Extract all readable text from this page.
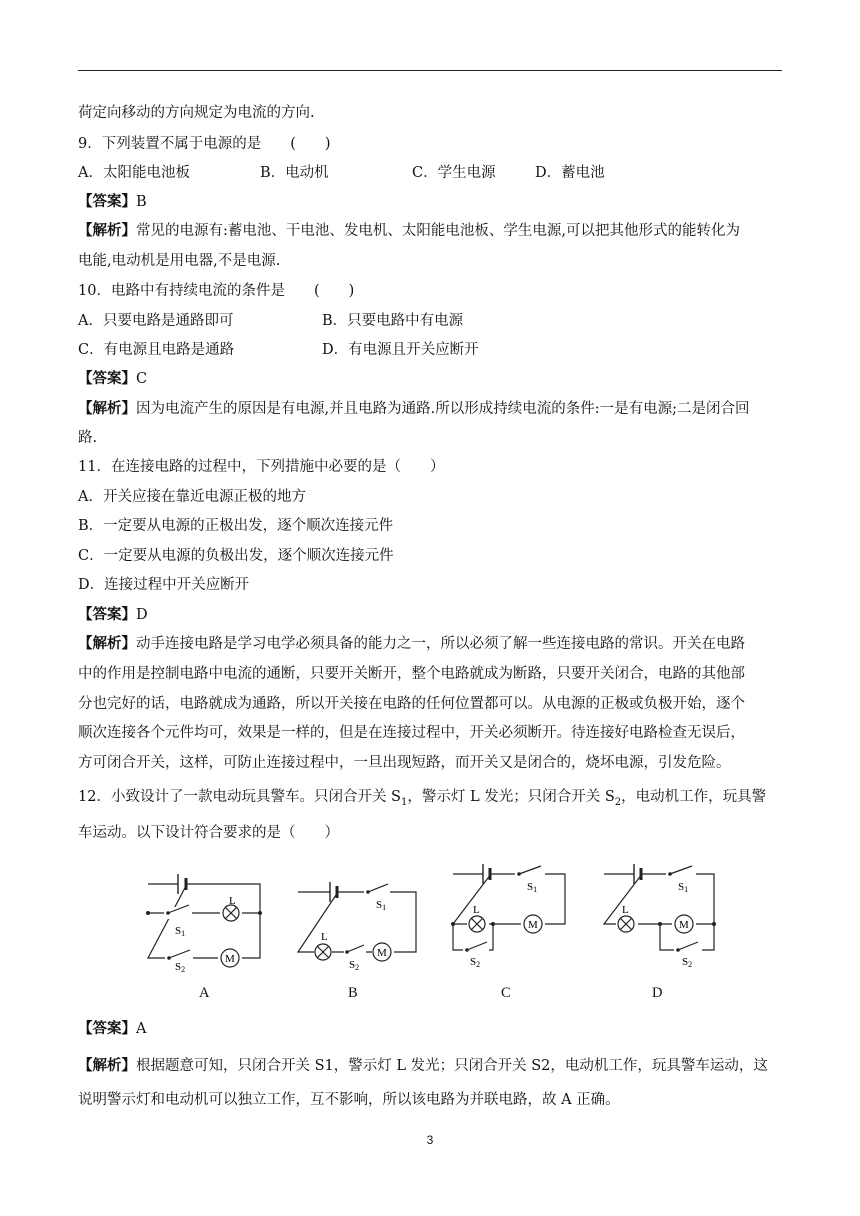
荷定向移动的方向规定为电流的方向.
9．下列装置不属于电源的是　　(　　)
A．太阳能电池板	B．电动机	C．学生电源	D．蓄电池
【答案】B
【解析】常见的电源有:蓄电池、干电池、发电机、太阳能电池板、学生电源,可以把其他形式的能转化为
电能,电动机是用电器,不是电源.
10．电路中有持续电流的条件是　　(　　)
A．只要电路是通路即可	B．只要电路中有电源
C．有电源且电路是通路	D．有电源且开关应断开
【答案】C
【解析】因为电流产生的原因是有电源,并且电路为通路.所以形成持续电流的条件:一是有电源;二是闭合回
路.
11．在连接电路的过程中，下列措施中必要的是（　　）
A．开关应接在靠近电源正极的地方
B．一定要从电源的正极出发，逐个顺次连接元件
C．一定要从电源的负极出发，逐个顺次连接元件
D．连接过程中开关应断开
【答案】D
【解析】动手连接电路是学习电学必须具备的能力之一，所以必须了解一些连接电路的常识。开关在电路
中的作用是控制电路中电流的通断，只要开关断开，整个电路就成为断路，只要开关闭合，电路的其他部
分也完好的话，电路就成为通路，所以开关接在电路的任何位置都可以。从电源的正极或负极开始，逐个
顺次连接各个元件均可，效果是一样的，但是在连接过程中，开关必须断开。待连接好电路检查无误后，
方可闭合开关，这样，可防止连接过程中，一旦出现短路，而开关又是闭合的，烧坏电源，引发危险。
12．小致设计了一款电动玩具警车。只闭合开关 $S_1$，警示灯 L 发光；只闭合开关 $S_2$，电动机工作，玩具警
车运动。以下设计符合要求的是（　　）
L
M
S1
S2
A
L
M
S1
S2
B
L
M
S1
S2
C
L
M
S1
S2
D
【答案】A
【解析】根据题意可知，只闭合开关 S1，警示灯 L 发光；只闭合开关 S2，电动机工作，玩具警车运动，这
说明警示灯和电动机可以独立工作，互不影响，所以该电路为并联电路，故 A 正确。
3
